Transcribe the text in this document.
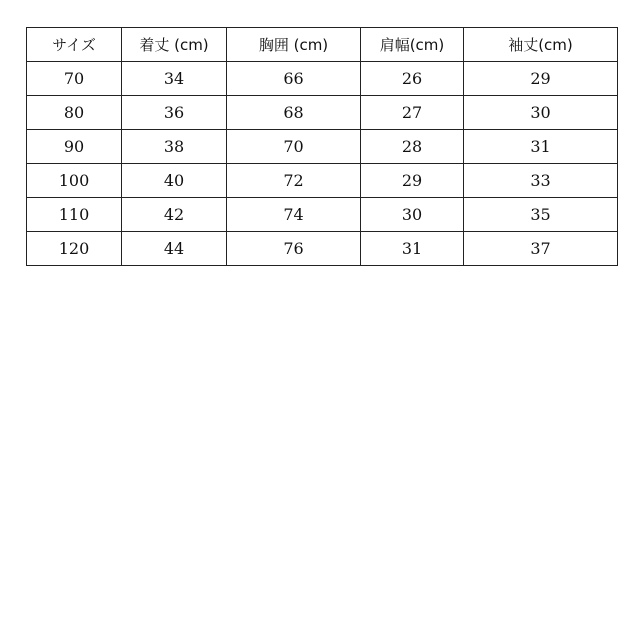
サイズ	着丈 (cm)	胸囲 (cm)	肩幅(cm)	袖丈(cm)
70	34	66	26	29
80	36	68	27	30
90	38	70	28	31
100	40	72	29	33
110	42	74	30	35
120	44	76	31	37
